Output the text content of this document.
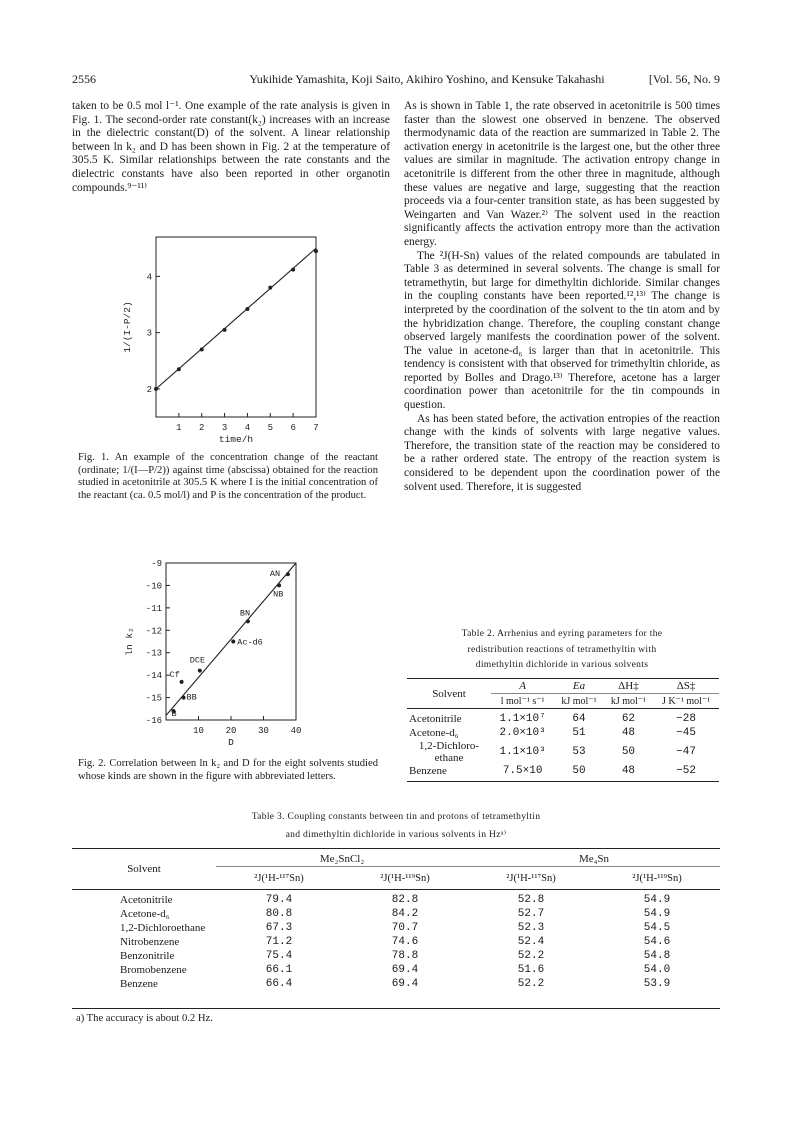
2556	Yukihide Yamashita, Koji Saito, Akihiro Yoshino, and Kensuke Takahashi	[Vol. 56, No. 9

taken to be 0.5 mol l⁻¹. One example of the rate analysis is given in Fig. 1. The second-order rate constant(k₂) increases with an increase in the dielectric constant(D) of the solvent. A linear relationship between ln k₂ and D has been shown in Fig. 2 at the temperature of 305.5 K. Similar relationships between the rate constants and the dielectric constants have also been reported in other organotin compounds.⁹⁻¹¹⁾

1 2 3 4 5 6 7
2
3
4
time/h
1/(I-P/2)
Fig. 1. An example of the concentration change of the reactant (ordinate; 1/(I—P/2)) against time (abscissa) obtained for the reaction studied in acetonitrile at 305.5 K where I is the initial concentration of the reactant (ca. 0.5 mol/l) and P is the concentration of the product.
10 20 30 40
-9
-10
-11
-12
-13
-14
-15
-16
D
ln k₂
B
Cf
BB
DCE
Ac-d6
BN
NB
AN
Fig. 2. Correlation between ln k₂ and D for the eight solvents studied whose kinds are shown in the figure with abbreviated letters.

As is shown in Table 1, the rate observed in acetonitrile is 500 times faster than the slowest one observed in benzene. The observed thermodynamic data of the reaction are summarized in Table 2. The activation energy in acetonitrile is the largest one, but the other three values are similar in magnitude. The activation entropy change in acetonitrile is different from the other three in magnitude, although these values are negative and large, suggesting that the reaction proceeds via a four-center transition state, as has been suggested by Weingarten and Van Wazer.²⁾ The solvent used in the reaction significantly affects the activation entropy more than the activation energy.

The ²J(H-Sn) values of the related compounds are tabulated in Table 3 as determined in several solvents. The change is small for tetramethytin, but large for dimethyltin dichloride. Similar changes in the coupling constants have been reported.¹²,¹³⁾ The change is interpreted by the coordination of the solvent to the tin atom and by the hybridization change. Therefore, the coupling constant change observed largely manifests the coordination power of the solvent. The value in acetone-d₆ is larger than that in acetonitrile. This tendency is consistent with that observed for trimethyltin chloride, as reported by Bolles and Drago.¹³⁾ Therefore, acetone has a larger coordination power than acetonitrile for the tin compounds in question.

As has been stated before, the activation entropies of the reaction change with the kinds of solvents with large negative values. Therefore, the transition state of the reaction may be considered to be a rather ordered state. The entropy of the reaction system is considered to be dependent upon the coordination power of the solvent used. Therefore, it is suggested

Table 2. Arrhenius and eyring parameters for the
redistribution reactions of tetramethyltin with
dimethyltin dichloride in various solvents
Solvent	A	Ea	ΔH‡	ΔS‡
	l mol⁻¹ s⁻¹	kJ mol⁻¹	kJ mol⁻¹	J K⁻¹ mol⁻¹
Acetonitrile	1.1×10⁷	64	62	−28
Acetone-d₆	2.0×10³	51	48	−45
1,2-Dichloro-ethane	1.1×10³	53	50	−47
Benzene	7.5×10	50	48	−52
Table 3. Coupling constants between tin and protons of tetramethyltin
and dimethyltin dichloride in various solvents in Hzᵃ⁾
Solvent	Me₂SnCl₂		Me₄Sn	
	²J(¹H-¹¹⁷Sn)	²J(¹H-¹¹⁹Sn)	²J(¹H-¹¹⁷Sn)	²J(¹H-¹¹⁹Sn)
Acetonitrile	79.4	82.8	52.8	54.9
Acetone-d₆	80.8	84.2	52.7	54.9
1,2-Dichloroethane	67.3	70.7	52.3	54.5
Nitrobenzene	71.2	74.6	52.4	54.6
Benzonitrile	75.4	78.8	52.2	54.8
Bromobenzene	66.1	69.4	51.6	54.0
Benzene	66.4	69.4	52.2	53.9
a) The accuracy is about 0.2 Hz.
